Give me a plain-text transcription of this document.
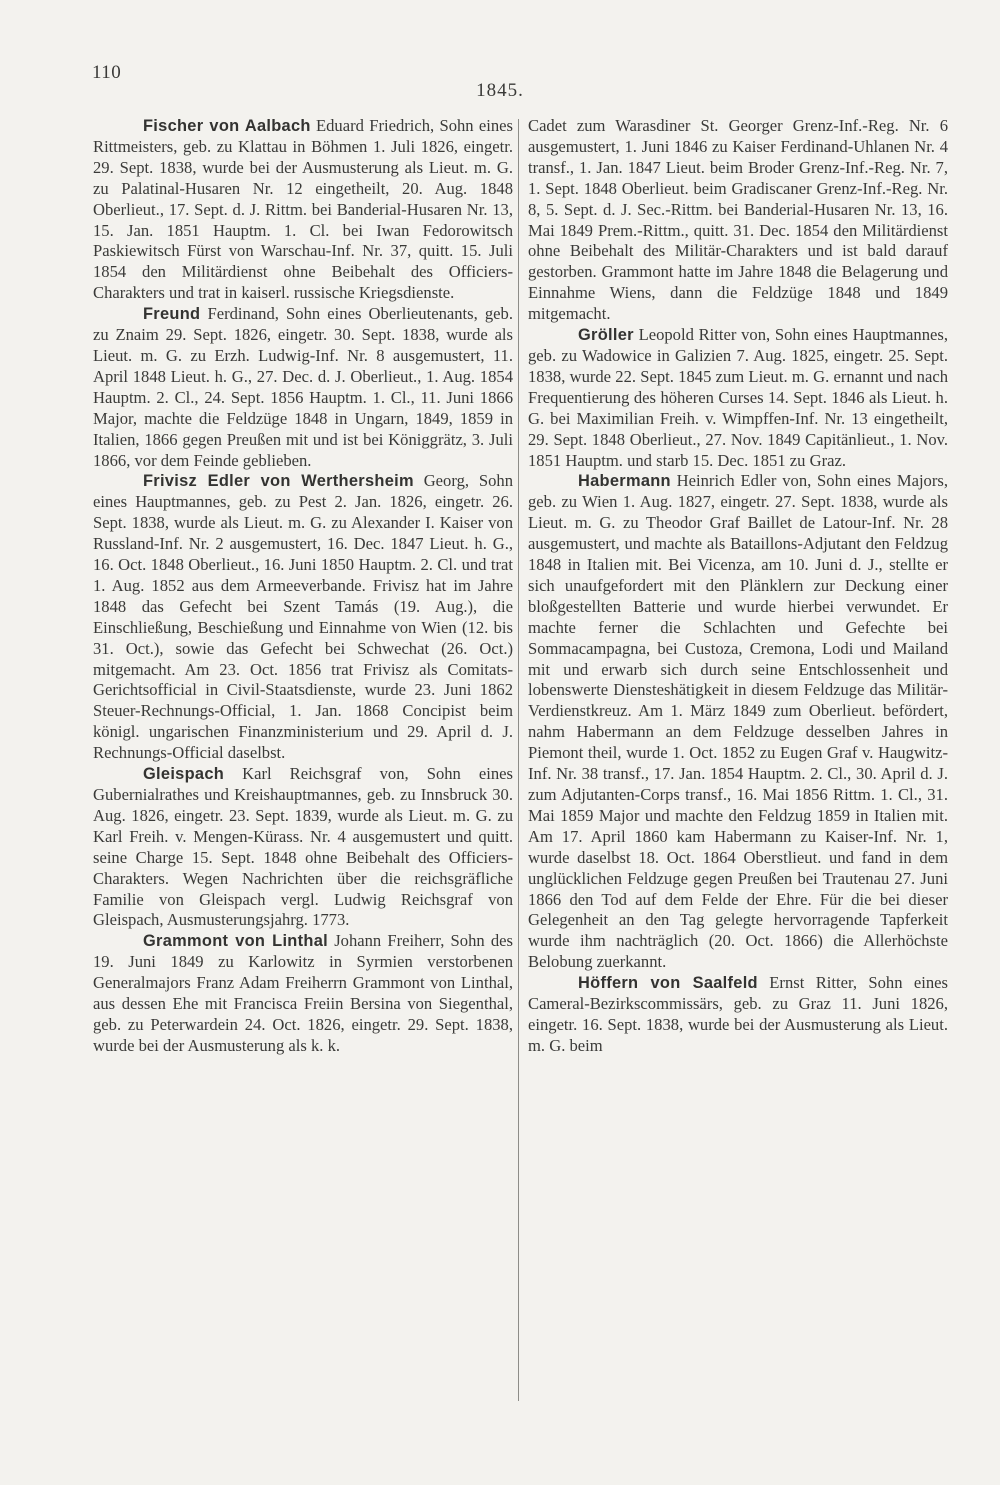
110
1845.

Fischer von Aalbach Eduard Friedrich, Sohn eines Rittmeisters, geb. zu Klattau in Böhmen 1. Juli 1826, eingetr. 29. Sept. 1838, wurde bei der Ausmusterung als Lieut. m. G. zu Palatinal-Husaren Nr. 12 eingetheilt, 20. Aug. 1848 Oberlieut., 17. Sept. d. J. Rittm. bei Banderial-Husaren Nr. 13, 15. Jan. 1851 Hauptm. 1. Cl. bei Iwan Fedorowitsch Paskiewitsch Fürst von Warschau-Inf. Nr. 37, quitt. 15. Juli 1854 den Militärdienst ohne Beibehalt des Officiers-Charakters und trat in kaiserl. russische Kriegsdienste.

Freund Ferdinand, Sohn eines Oberlieutenants, geb. zu Znaim 29. Sept. 1826, eingetr. 30. Sept. 1838, wurde als Lieut. m. G. zu Erzh. Ludwig-Inf. Nr. 8 ausgemustert, 11. April 1848 Lieut. h. G., 27. Dec. d. J. Oberlieut., 1. Aug. 1854 Hauptm. 2. Cl., 24. Sept. 1856 Hauptm. 1. Cl., 11. Juni 1866 Major, machte die Feldzüge 1848 in Ungarn, 1849, 1859 in Italien, 1866 gegen Preußen mit und ist bei Königgrätz, 3. Juli 1866, vor dem Feinde geblieben.

Frivisz Edler von Werthersheim Georg, Sohn eines Hauptmannes, geb. zu Pest 2. Jan. 1826, eingetr. 26. Sept. 1838, wurde als Lieut. m. G. zu Alexander I. Kaiser von Russland-Inf. Nr. 2 ausgemustert, 16. Dec. 1847 Lieut. h. G., 16. Oct. 1848 Oberlieut., 16. Juni 1850 Hauptm. 2. Cl. und trat 1. Aug. 1852 aus dem Armeeverbande. Frivisz hat im Jahre 1848 das Gefecht bei Szent Tamás (19. Aug.), die Einschließung, Beschießung und Einnahme von Wien (12. bis 31. Oct.), sowie das Gefecht bei Schwechat (26. Oct.) mitgemacht. Am 23. Oct. 1856 trat Frivisz als Comitats-Gerichtsofficial in Civil-Staatsdienste, wurde 23. Juni 1862 Steuer-Rechnungs-Official, 1. Jan. 1868 Concipist beim königl. ungarischen Finanzministerium und 29. April d. J. Rechnungs-Official daselbst.

Gleispach Karl Reichsgraf von, Sohn eines Gubernialrathes und Kreishauptmannes, geb. zu Innsbruck 30. Aug. 1826, eingetr. 23. Sept. 1839, wurde als Lieut. m. G. zu Karl Freih. v. Mengen-Kürass. Nr. 4 ausgemustert und quitt. seine Charge 15. Sept. 1848 ohne Beibehalt des Officiers-Charakters. Wegen Nachrichten über die reichsgräfliche Familie von Gleispach vergl. Ludwig Reichsgraf von Gleispach, Ausmusterungsjahrg. 1773.

Grammont von Linthal Johann Freiherr, Sohn des 19. Juni 1849 zu Karlowitz in Syrmien verstorbenen Generalmajors Franz Adam Freiherrn Grammont von Linthal, aus dessen Ehe mit Francisca Freiin Bersina von Siegenthal, geb. zu Peterwardein 24. Oct. 1826, eingetr. 29. Sept. 1838, wurde bei der Ausmusterung als k. k.

Cadet zum Warasdiner St. Georger Grenz-Inf.-Reg. Nr. 6 ausgemustert, 1. Juni 1846 zu Kaiser Ferdinand-Uhlanen Nr. 4 transf., 1. Jan. 1847 Lieut. beim Broder Grenz-Inf.-Reg. Nr. 7, 1. Sept. 1848 Oberlieut. beim Gradiscaner Grenz-Inf.-Reg. Nr. 8, 5. Sept. d. J. Sec.-Rittm. bei Banderial-Husaren Nr. 13, 16. Mai 1849 Prem.-Rittm., quitt. 31. Dec. 1854 den Militärdienst ohne Beibehalt des Militär-Charakters und ist bald darauf gestorben. Grammont hatte im Jahre 1848 die Belagerung und Einnahme Wiens, dann die Feldzüge 1848 und 1849 mitgemacht.

Gröller Leopold Ritter von, Sohn eines Hauptmannes, geb. zu Wadowice in Galizien 7. Aug. 1825, eingetr. 25. Sept. 1838, wurde 22. Sept. 1845 zum Lieut. m. G. ernannt und nach Frequentierung des höheren Curses 14. Sept. 1846 als Lieut. h. G. bei Maximilian Freih. v. Wimpffen-Inf. Nr. 13 eingetheilt, 29. Sept. 1848 Oberlieut., 27. Nov. 1849 Capitänlieut., 1. Nov. 1851 Hauptm. und starb 15. Dec. 1851 zu Graz.

Habermann Heinrich Edler von, Sohn eines Majors, geb. zu Wien 1. Aug. 1827, eingetr. 27. Sept. 1838, wurde als Lieut. m. G. zu Theodor Graf Baillet de Latour-Inf. Nr. 28 ausgemustert, und machte als Bataillons-Adjutant den Feldzug 1848 in Italien mit. Bei Vicenza, am 10. Juni d. J., stellte er sich unaufgefordert mit den Plänklern zur Deckung einer bloßgestellten Batterie und wurde hierbei verwundet. Er machte ferner die Schlachten und Gefechte bei Sommacampagna, bei Custoza, Cremona, Lodi und Mailand mit und erwarb sich durch seine Entschlossenheit und lobenswerte Diensteshätigkeit in diesem Feldzuge das Militär-Verdienstkreuz. Am 1. März 1849 zum Oberlieut. befördert, nahm Habermann an dem Feldzuge desselben Jahres in Piemont theil, wurde 1. Oct. 1852 zu Eugen Graf v. Haugwitz-Inf. Nr. 38 transf., 17. Jan. 1854 Hauptm. 2. Cl., 30. April d. J. zum Adjutanten-Corps transf., 16. Mai 1856 Rittm. 1. Cl., 31. Mai 1859 Major und machte den Feldzug 1859 in Italien mit. Am 17. April 1860 kam Habermann zu Kaiser-Inf. Nr. 1, wurde daselbst 18. Oct. 1864 Oberstlieut. und fand in dem unglücklichen Feldzuge gegen Preußen bei Trautenau 27. Juni 1866 den Tod auf dem Felde der Ehre. Für die bei dieser Gelegenheit an den Tag gelegte hervorragende Tapferkeit wurde ihm nachträglich (20. Oct. 1866) die Allerhöchste Belobung zuerkannt.

Höffern von Saalfeld Ernst Ritter, Sohn eines Cameral-Bezirkscommissärs, geb. zu Graz 11. Juni 1826, eingetr. 16. Sept. 1838, wurde bei der Ausmusterung als Lieut. m. G. beim
